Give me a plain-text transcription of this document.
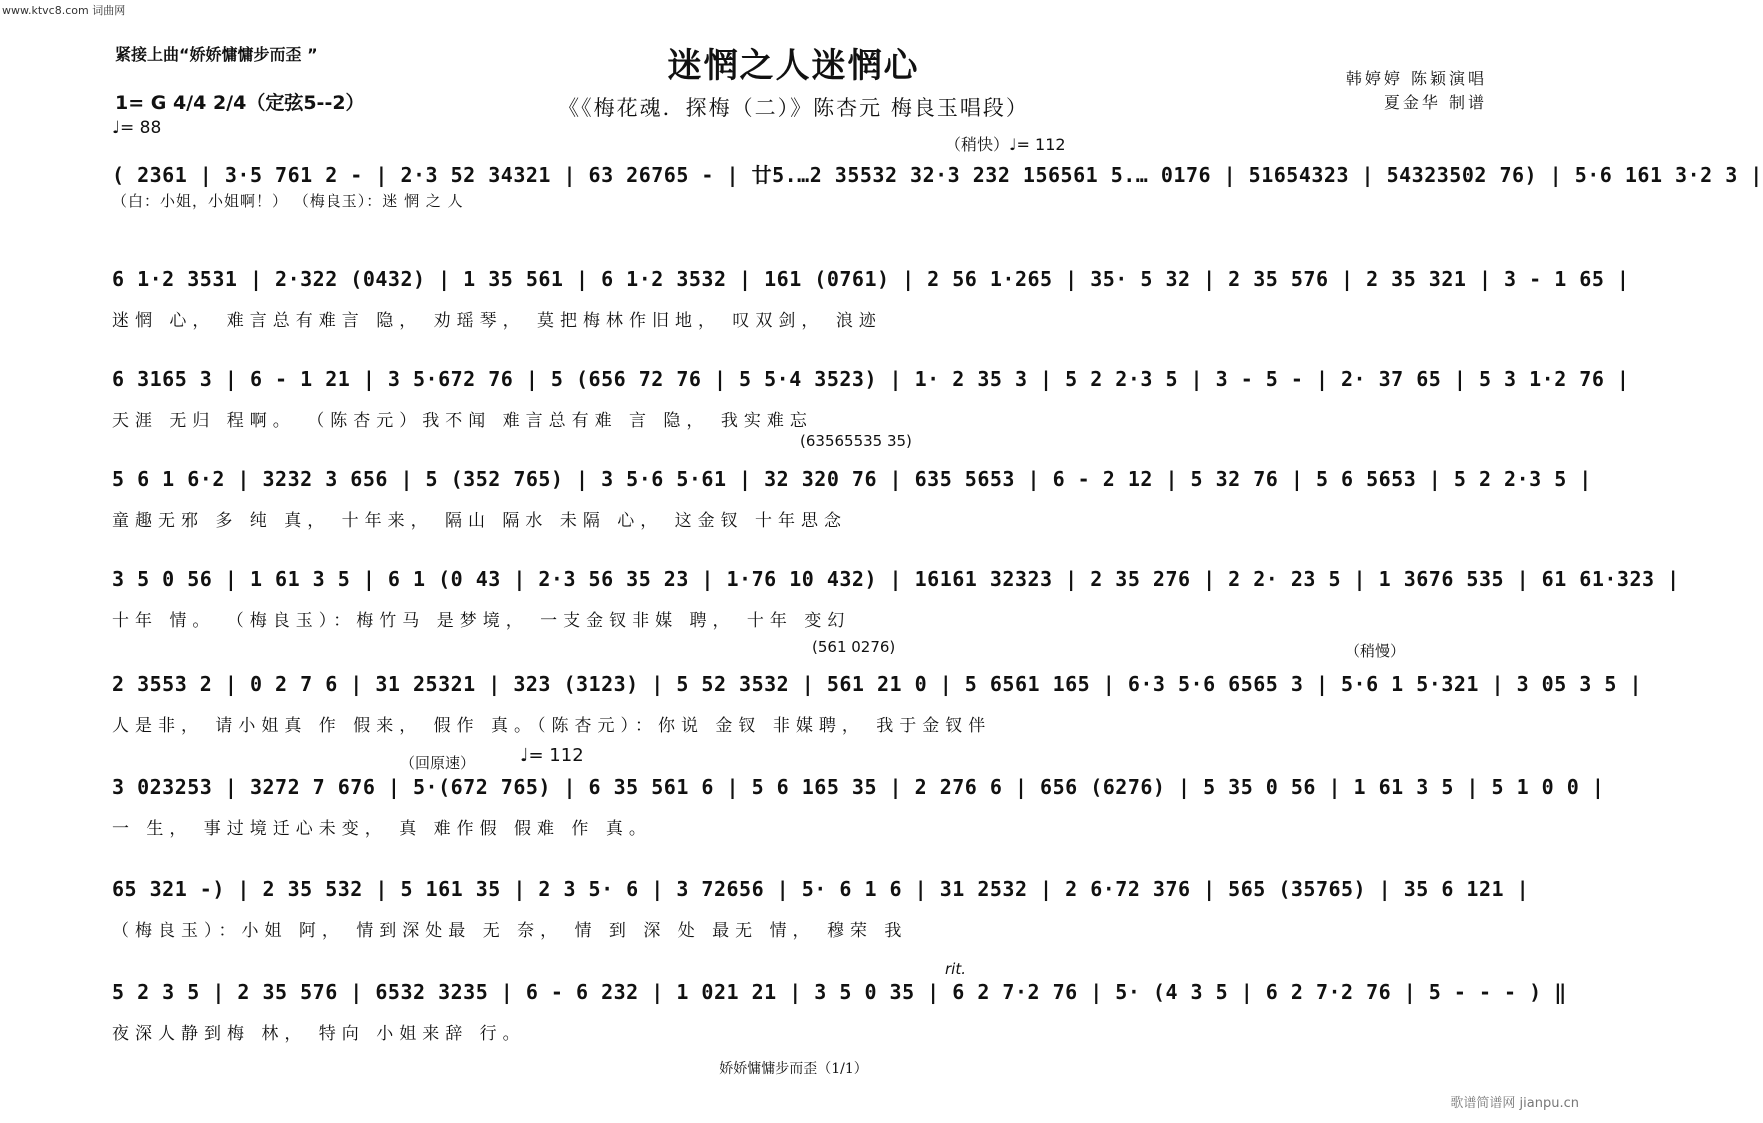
www.ktvc8.com 词曲网
紧接上曲“娇娇慵慵步而歪 ”	迷惘之人迷惘心
《《梅花魂．探梅（二）》陈杏元 梅良玉唱段）
韩婷婷 陈颖演唱
夏金华 制谱
1= G 4/4 2/4（定弦5--2）
♩= 88
（稍快）♩= 112
(63565535 35)
(561 0276)	（稍慢）
（回原速） ♩= 112
rit.
( 2361 | 3·5 761 2 - | 2·3 52 34321 | 63 26765 - | 廿5.…2 35532 32·3 232 156561 5.… 0176 | 51654323 | 54323502 76) | 5·6 161 3·2 3 |
（白：小姐，小姐啊！） （梅良玉）：迷 惘 之 人
6 1·2 3531 | 2·322 (0432) | 1 35 561 | 6 1·2 3532 | 161 (0761) | 2 56 1·265 | 35· 5 32 | 2 35 576 | 2 35 321 | 3 - 1 65 |
迷惘 心， 难言总有难言 隐， 劝瑶琴， 莫把梅林作旧地， 叹双剑， 浪迹
6 3165 3 | 6 - 1 21 | 3 5·672 76 | 5 (656 72 76 | 5 5·4 3523) | 1· 2 35 3 | 5 2 2·3 5 | 3 - 5 - | 2· 37 65 | 5 3 1·2 76 |
天涯 无归 程啊。 （陈杏元）我不闻 难言总有难 言 隐， 我实难忘
5 6 1 6·2 | 3232 3 656 | 5 (352 765) | 3 5·6 5·61 | 32 320 76 | 635 5653 | 6 - 2 12 | 5 32 76 | 5 6 5653 | 5 2 2·3 5 |
童趣无邪 多 纯 真， 十年来， 隔山 隔水 未隔 心， 这金钗 十年思念
3 5 0 56 | 1 61 3 5 | 6 1 (0 43 | 2·3 56 35 23 | 1·76 10 432) | 16161 32323 | 2 35 276 | 2 2· 23 5 | 1 3676 535 | 61 61·323 |
十年 情。 （梅良玉）：梅竹马 是梦境， 一支金钗非媒 聘， 十年 变幻
2 3553 2 | 0 2 7 6 | 31 25321 | 323 (3123) | 5 52 3532 | 561 21 0 | 5 6561 165 | 6·3 5·6 6565 3 | 5·6 1 5·321 | 3 05 3 5 |
人是非， 请小姐真 作 假来， 假作 真。（陈杏元）：你说 金钗 非媒聘， 我于金钗伴
3 023253 | 3272 7 676 | 5·(672 765) | 6 35 561 6 | 5 6 165 35 | 2 276 6 | 656 (6276) | 5 35 0 56 | 1 61 3 5 | 5 1 0 0 |
一 生， 事过境迁心未变， 真 难作假 假难 作 真。
65 321 -) | 2 35 532 | 5 161 35 | 2 3 5· 6 | 3 72656 | 5· 6 1 6 | 31 2532 | 2 6·72 376 | 565 (35765) | 35 6 121 |
（梅良玉）：小姐 阿， 情到深处最 无 奈， 情 到 深 处 最无 情， 穆荣 我
5 2 3 5 | 2 35 576 | 6532 3235 | 6 - 6 232 | 1 021 21 | 3 5 0 35 | 6 2 7·2 76 | 5· (4 3 5 | 6 2 7·2 76 | 5 - - - ) ‖
夜深人静到梅 林， 特向 小姐来辞 行。
娇娇慵慵步而歪（1/1）
歌谱简谱网 jianpu.cn
